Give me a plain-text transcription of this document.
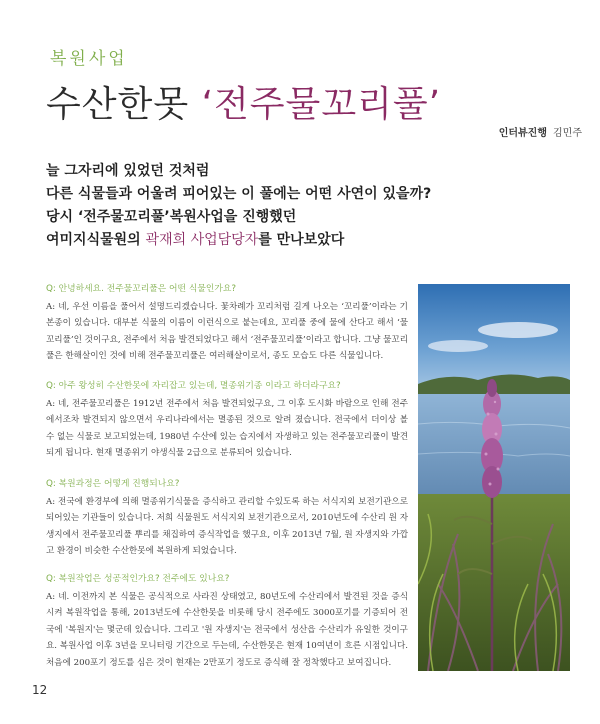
복원사업
수산한못 ‘전주물꼬리풀’
인터뷰진행 김민주
늘 그자리에 있었던 것처럼
다른 식물들과 어울려 피어있는 이 풀에는 어떤 사연이 있을까?
당시 ‘전주물꼬리풀’복원사업을 진행했던
여미지식물원의 곽재희 사업담당자를 만나보았다
Q: 안녕하세요. 전주물꼬리풀은 어떤 식물인가요?
A: 네, 우선 이름을 풀어서 설명드리겠습니다. 꽃차례가 꼬리처럼 길게 나오는 ‘꼬리풀’이라는 기본종이 있습니다. 대부분 식물의 이름이 이런식으로 붙는데요, 꼬리풀 중에 물에 산다고 해서 ‘물꼬리풀’인 것이구요, 전주에서 처음 발견되었다고 해서 ‘전주물꼬리풀’이라고 합니다. 그냥 물꼬리풀은 한해살이인 것에 비해 전주물꼬리풀은 여러해살이로서, 종도 모습도 다른 식물입니다.
Q: 아주 왕성히 수산한못에 자리잡고 있는데, 멸종위기종 이라고 하더라구요?
A: 네, 전주물꼬리풀은 1912년 전주에서 처음 발견되었구요, 그 이후 도시화 바람으로 인해 전주에서조차 발견되지 않으면서 우리나라에서는 멸종된 것으로 알려 졌습니다. 전국에서 더이상 볼 수 없는 식물로 보고되었는데, 1980년 수산에 있는 습지에서 자생하고 있는 전주물꼬리풀이 발견되게 됩니다. 현재 멸종위기 야생식물 2급으로 분류되어 있습니다.
Q: 복원과정은 어떻게 진행되나요?
A: 전국에 환경부에 의해 멸종위기식물을 증식하고 관리할 수있도록 하는 서식지외 보전기관으로 되어있는 기관들이 있습니다. 저희 식물원도 서식지외 보전기관으로서, 2010년도에 수산리 원 자생지에서 전주물꼬리풀 뿌리를 채집하여 증식작업을 했구요, 이후 2013년 7월, 원 자생지와 가깝고 환경이 비슷한 수산한못에 복원하게 되었습니다.
Q: 복원작업은 성공적인가요? 전주에도 있나요?
A: 네. 이전까지 본 식물은 공식적으로 사라진 상태였고, 80년도에 수산리에서 발견된 것을 증식시켜 복원작업을 통해, 2013년도에 수산한못을 비롯해 당시 전주에도 3000포기를 기증되어 전국에 '복원지'는 몇군데 있습니다. 그리고 '원 자생지'는 전국에서 성산읍 수산리가 유일한 것이구요. 복원사업 이후 3년을 모니터링 기간으로 두는데, 수산한못은 현재 10여년이 흐른 시점입니다. 처음에 200포기 정도를 심은 것이 현재는 2만포기 정도로 증식해 잘 정착했다고 보여집니다.
12
